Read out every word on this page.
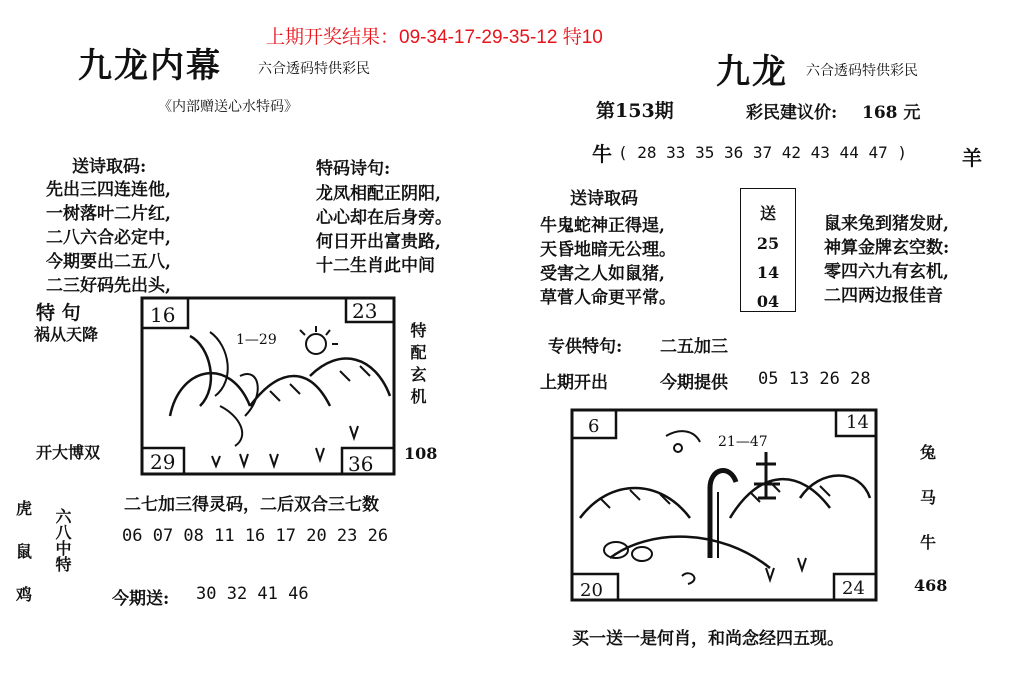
上期开奖结果：09-34-17-29-35-12 特10
九龙内幕	六合透码特供彩民
《内部赠送心水特码》
送诗取码:
先出三四连连他,
一树落叶二片红,
二八六合必定中,
今期要出二五八,
二三好码先出头,
特码诗句:
龙凤相配正阴阳,
心心却在后身旁。
何日开出富贵路,
十二生肖此中间
特 句
祸从天降
16	23
29	36
1—29	特配玄机
108
开大博双
二七加三得灵码，二后双合三七数
06 07 08 11 16 17 20 23 26
虎
鼠
鸡
六八中特
今期送: 30 32 41 46
九龙 六合透码特供彩民
第153期	彩民建议价: 168 元
牛 ( 28 33 35 36 37 42 43 44 47 )	羊
送诗取码
牛鬼蛇神正得逞,
天昏地暗无公理。
受害之人如鼠猪,
草菅人命更平常。
送
25
14
04
鼠来兔到猪发财,
神算金牌玄空数:
零四六九有玄机,
二四两边报佳音
专供特句: 二五加三
上期开出	今期提供 05 13 26 28
6	14
20	24
21—47
兔
马
牛
468
买一送一是何肖，和尚念经四五现。
